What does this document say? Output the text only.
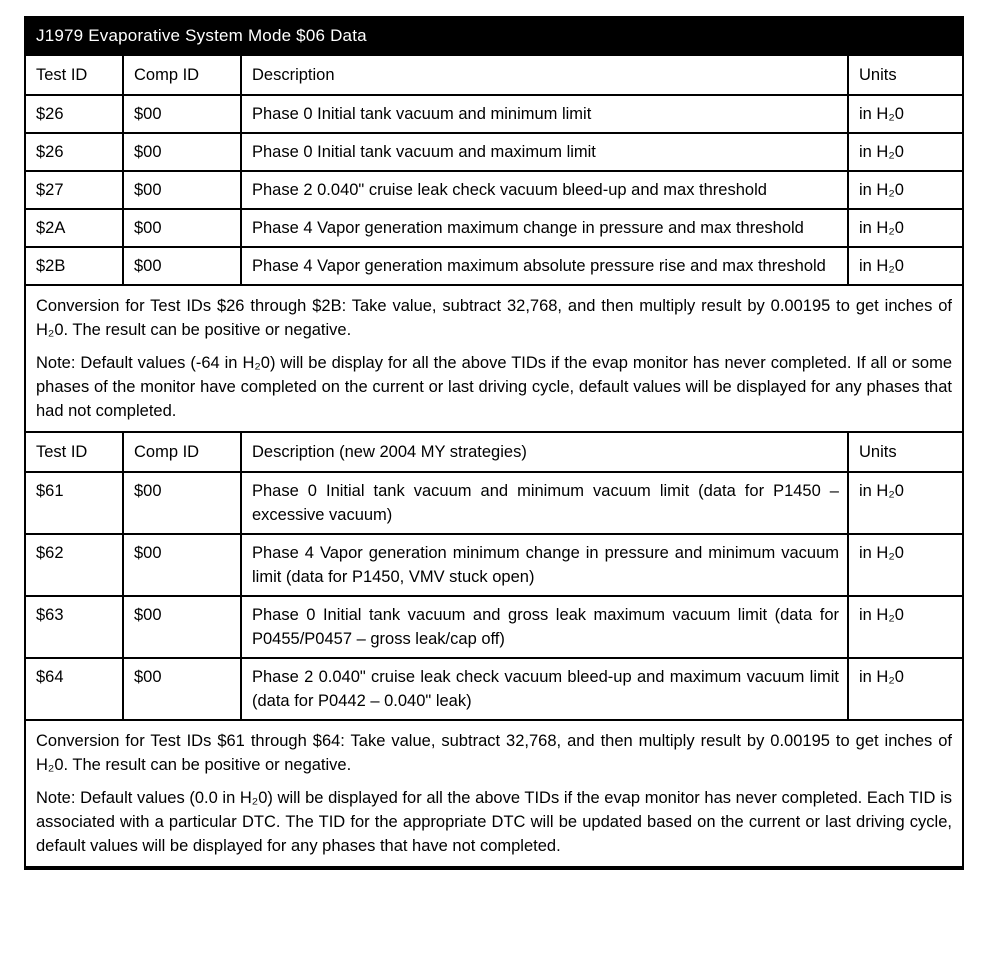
J1979 Evaporative System Mode $06 Data
Test ID	Comp ID	Description	Units
$26	$00	Phase 0 Initial tank vacuum and minimum limit	in H₂0
$26	$00	Phase 0 Initial tank vacuum and maximum limit	in H₂0
$27	$00	Phase 2 0.040" cruise leak check vacuum bleed-up and max threshold	in H₂0
$2A	$00	Phase 4 Vapor generation maximum change in pressure and max threshold	in H₂0
$2B	$00	Phase 4 Vapor generation maximum absolute pressure rise and max threshold	in H₂0

Conversion for Test IDs $26 through $2B: Take value, subtract 32,768, and then multiply result by 0.00195 to get inches of H₂0. The result can be positive or negative.

Note: Default values (-64 in H₂0) will be display for all the above TIDs if the evap monitor has never completed. If all or some phases of the monitor have completed on the current or last driving cycle, default values will be displayed for any phases that had not completed.			

Test ID	Comp ID	Description (new 2004 MY strategies)	Units
$61	$00	Phase 0 Initial tank vacuum and minimum vacuum limit (data for P1450 – excessive vacuum)	in H₂0
$62	$00	Phase 4 Vapor generation minimum change in pressure and minimum vacuum limit (data for P1450, VMV stuck open)	in H₂0
$63	$00	Phase 0 Initial tank vacuum and gross leak maximum vacuum limit (data for P0455/P0457 – gross leak/cap off)	in H₂0
$64	$00	Phase 2 0.040" cruise leak check vacuum bleed-up and maximum vacuum limit (data for P0442 – 0.040" leak)	in H₂0

Conversion for Test IDs $61 through $64: Take value, subtract 32,768, and then multiply result by 0.00195 to get inches of H₂0. The result can be positive or negative.

Note: Default values (0.0 in H₂0) will be displayed for all the above TIDs if the evap monitor has never completed. Each TID is associated with a particular DTC. The TID for the appropriate DTC will be updated based on the current or last driving cycle, default values will be displayed for any phases that have not completed.			
